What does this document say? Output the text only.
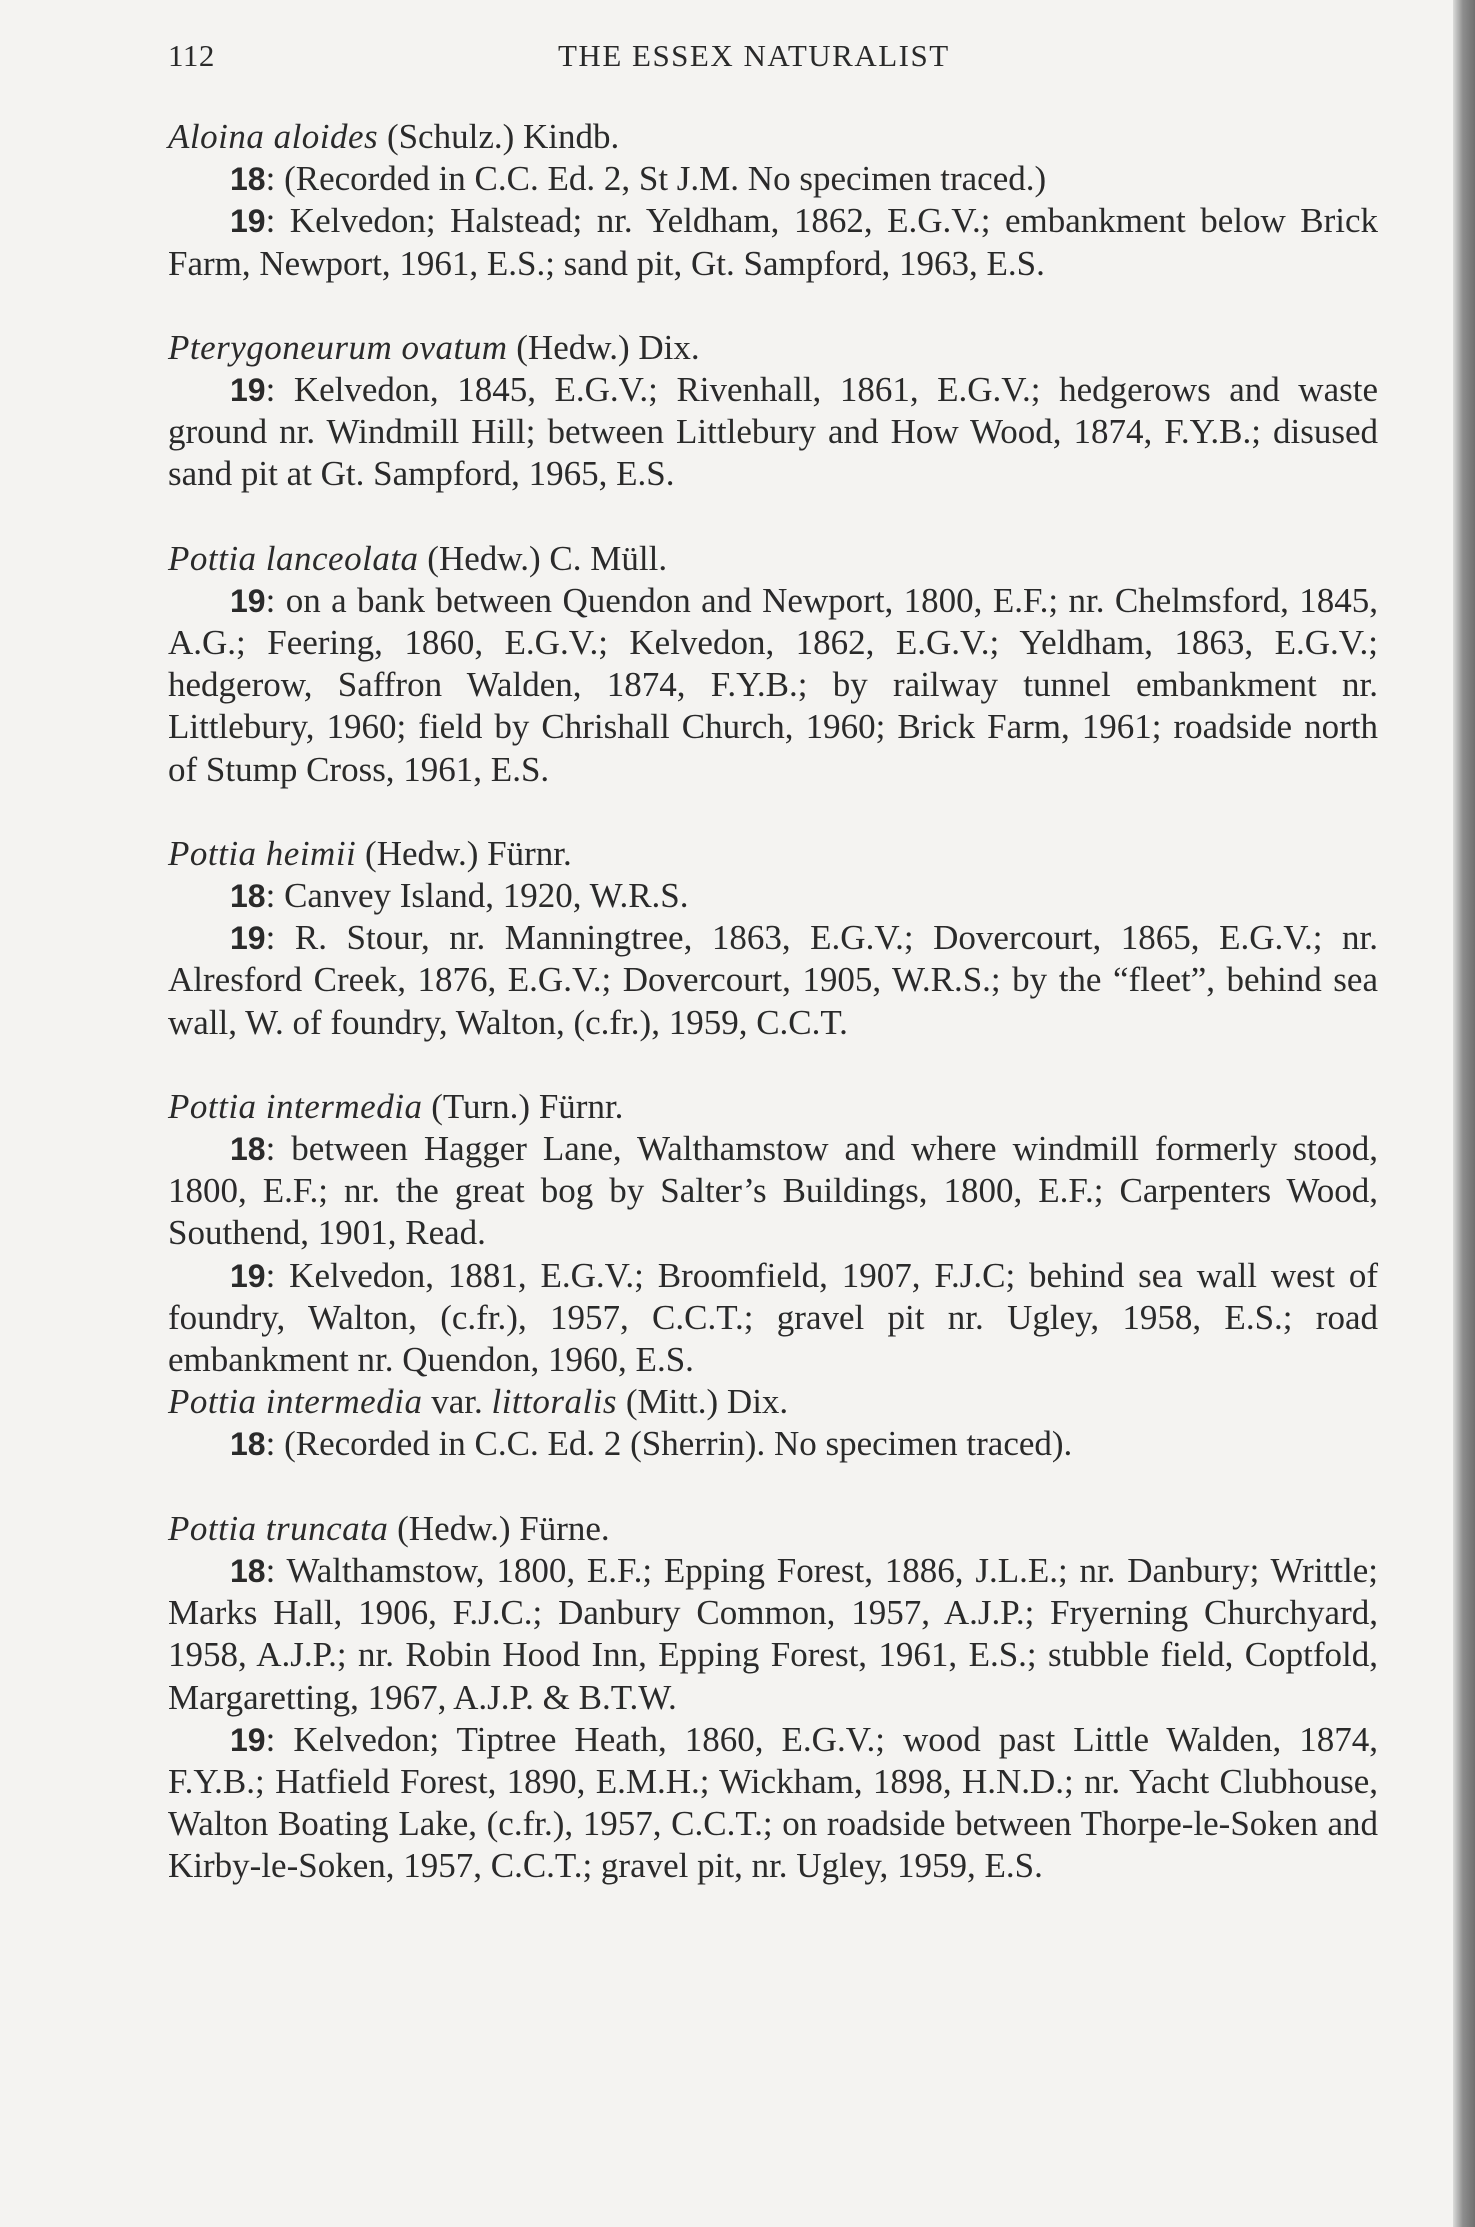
112	THE ESSEX NATURALIST

Aloina aloides (Schulz.) Kindb.

18: (Recorded in C.C. Ed. 2, St J.M. No specimen traced.)

19: Kelvedon; Halstead; nr. Yeldham, 1862, E.G.V.; embankment below Brick Farm, Newport, 1961, E.S.; sand pit, Gt. Sampford, 1963, E.S.

Pterygoneurum ovatum (Hedw.) Dix.

19: Kelvedon, 1845, E.G.V.; Rivenhall, 1861, E.G.V.; hedgerows and waste ground nr. Windmill Hill; between Littlebury and How Wood, 1874, F.Y.B.; disused sand pit at Gt. Sampford, 1965, E.S.

Pottia lanceolata (Hedw.) C. Müll.

19: on a bank between Quendon and Newport, 1800, E.F.; nr. Chelmsford, 1845, A.G.; Feering, 1860, E.G.V.; Kelvedon, 1862, E.G.V.; Yeldham, 1863, E.G.V.; hedgerow, Saffron Walden, 1874, F.Y.B.; by railway tunnel embankment nr. Littlebury, 1960; field by Chrishall Church, 1960; Brick Farm, 1961; roadside north of Stump Cross, 1961, E.S.

Pottia heimii (Hedw.) Fürnr.

18: Canvey Island, 1920, W.R.S.

19: R. Stour, nr. Manningtree, 1863, E.G.V.; Dovercourt, 1865, E.G.V.; nr. Alresford Creek, 1876, E.G.V.; Dovercourt, 1905, W.R.S.; by the “fleet”, behind sea wall, W. of foundry, Walton, (c.fr.), 1959, C.C.T.

Pottia intermedia (Turn.) Fürnr.

18: between Hagger Lane, Walthamstow and where windmill formerly stood, 1800, E.F.; nr. the great bog by Salter’s Buildings, 1800, E.F.; Carpenters Wood, Southend, 1901, Read.

19: Kelvedon, 1881, E.G.V.; Broomfield, 1907, F.J.C; behind sea wall west of foundry, Walton, (c.fr.), 1957, C.C.T.; gravel pit nr. Ugley, 1958, E.S.; road embankment nr. Quendon, 1960, E.S.

Pottia intermedia var. littoralis (Mitt.) Dix.

18: (Recorded in C.C. Ed. 2 (Sherrin). No specimen traced).

Pottia truncata (Hedw.) Fürne.

18: Walthamstow, 1800, E.F.; Epping Forest, 1886, J.L.E.; nr. Danbury; Writtle; Marks Hall, 1906, F.J.C.; Danbury Common, 1957, A.J.P.; Fryerning Churchyard, 1958, A.J.P.; nr. Robin Hood Inn, Epping Forest, 1961, E.S.; stubble field, Coptfold, Margaretting, 1967, A.J.P. & B.T.W.

19: Kelvedon; Tiptree Heath, 1860, E.G.V.; wood past Little Walden, 1874, F.Y.B.; Hatfield Forest, 1890, E.M.H.; Wickham, 1898, H.N.D.; nr. Yacht Clubhouse, Walton Boating Lake, (c.fr.), 1957, C.C.T.; on roadside between Thorpe-le-Soken and Kirby-le-Soken, 1957, C.C.T.; gravel pit, nr. Ugley, 1959, E.S.
